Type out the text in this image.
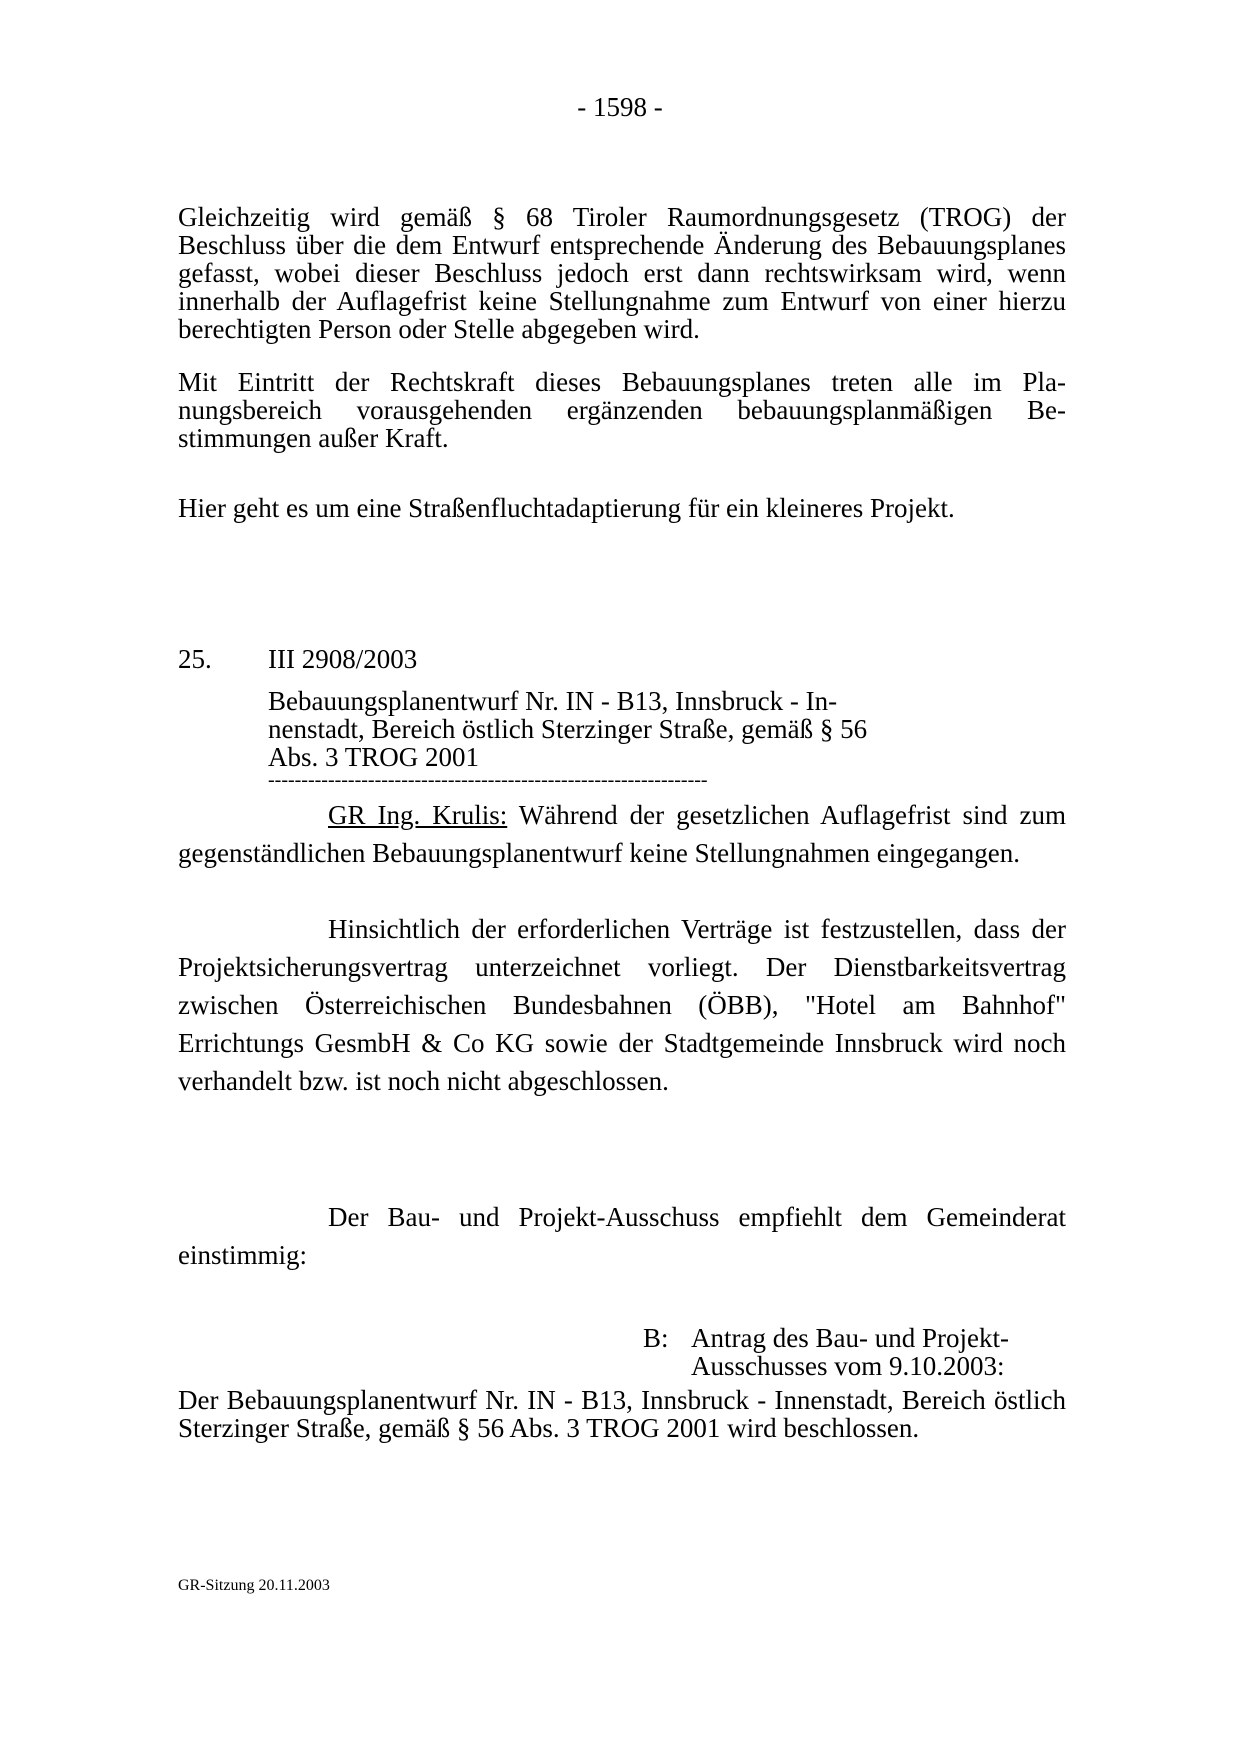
- 1598 -
Gleichzeitig wird gemäß § 68 Tiroler Raumordnungsgesetz (TROG) der Beschluss über die dem Entwurf entsprechende Änderung des Bebauungsplanes gefasst, wobei dieser Beschluss jedoch erst dann rechtswirksam wird, wenn innerhalb der Auflagefrist keine Stellungnahme zum Entwurf von einer hierzu berechtigten Person oder Stelle abgegeben wird.
Mit Eintritt der Rechtskraft dieses Bebauungsplanes treten alle im Planungsbereich vorausgehenden ergänzenden bebauungsplanmäßigen Bestimmungen außer Kraft.
Hier geht es um eine Straßenfluchtadaptierung für ein kleineres Projekt.
25. III 2908/2003
Bebauungsplanentwurf Nr. IN - B13, Innsbruck - Innenstadt, Bereich östlich Sterzinger Straße, gemäß § 56 Abs. 3 TROG 2001
------------------------------------------------------------------
GR Ing. Krulis: Während der gesetzlichen Auflagefrist sind zum gegenständlichen Bebauungsplanentwurf keine Stellungnahmen eingegangen.
Hinsichtlich der erforderlichen Verträge ist festzustellen, dass der Projektsicherungsvertrag unterzeichnet vorliegt. Der Dienstbarkeitsvertrag zwischen Österreichischen Bundesbahnen (ÖBB), "Hotel am Bahnhof" Errichtungs GesmbH & Co KG sowie der Stadtgemeinde Innsbruck wird noch verhandelt bzw. ist noch nicht abgeschlossen.
Der Bau- und Projekt-Ausschuss empfiehlt dem Gemeinderat einstimmig:
B: Antrag des Bau- und Projekt-Ausschusses vom 9.10.2003:
Der Bebauungsplanentwurf Nr. IN - B13, Innsbruck - Innenstadt, Bereich östlich Sterzinger Straße, gemäß § 56 Abs. 3 TROG 2001 wird beschlossen.
GR-Sitzung 20.11.2003
